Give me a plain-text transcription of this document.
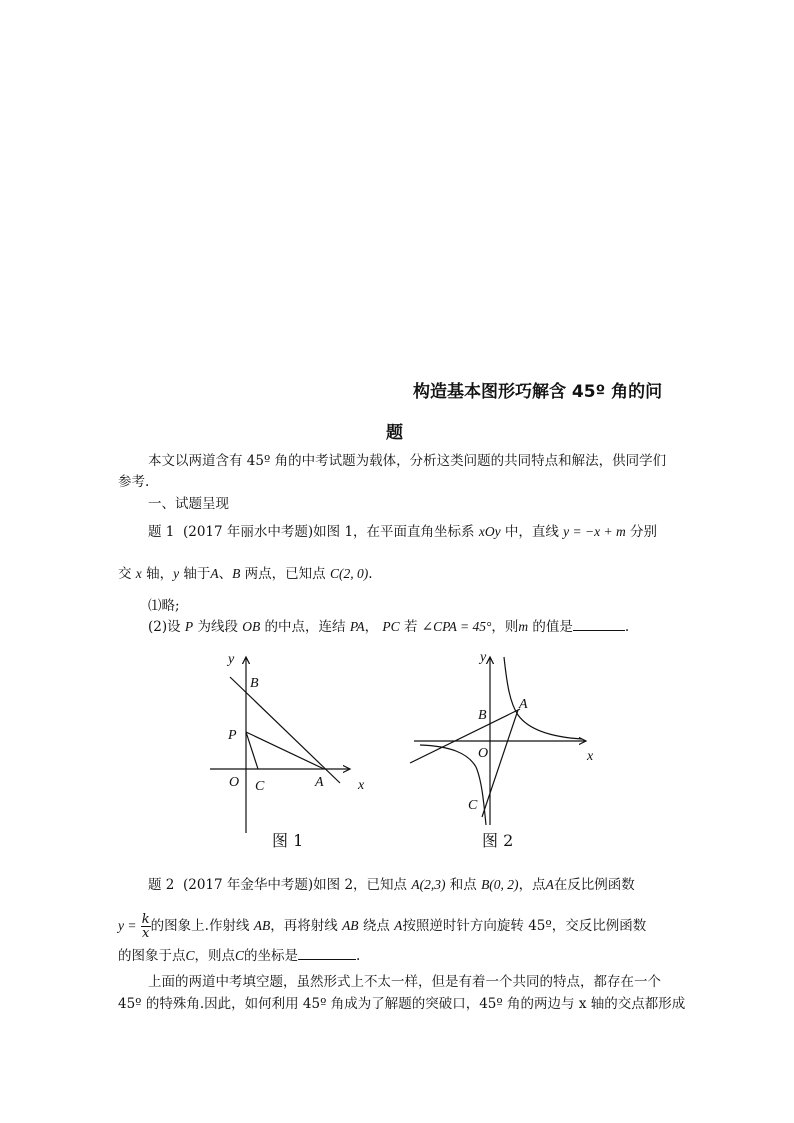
构造基本图形巧解含 45º 角的问
题
本文以两道含有 45º 角的中考试题为载体，分析这类问题的共同特点和解法，供同学们
参考.
一、试题呈现
题 1 (2017 年丽水中考题)如图 1，在平面直角坐标系 xOy 中，直线 y = −x + m 分别
交 x 轴，y 轴于A、B 两点，已知点 C(2, 0).
⑴略;
(2)设 P 为线段 OB 的中点，连结 PA， PC 若 ∠CPA = 45°，则m 的值是	.
y
x
B
P
O C	A
图 1
y
x
B
A
O
C
图 2
题 2 (2017 年金华中考题)如图 2，已知点 A(2,3) 和点 B(0, 2)，点A在反比例函数
$y = \frac{k}{x}$ 的图象上.作射线 AB，再将射线 AB 绕点 A按照逆时针方向旋转 45º，交反比例函数
的图象于点C，则点C的坐标是	.
上面的两道中考填空题，虽然形式上不太一样，但是有着一个共同的特点，都存在一个
45º 的特殊角.因此，如何利用 45º 角成为了解题的突破口，45º 角的两边与 x 轴的交点都形成
